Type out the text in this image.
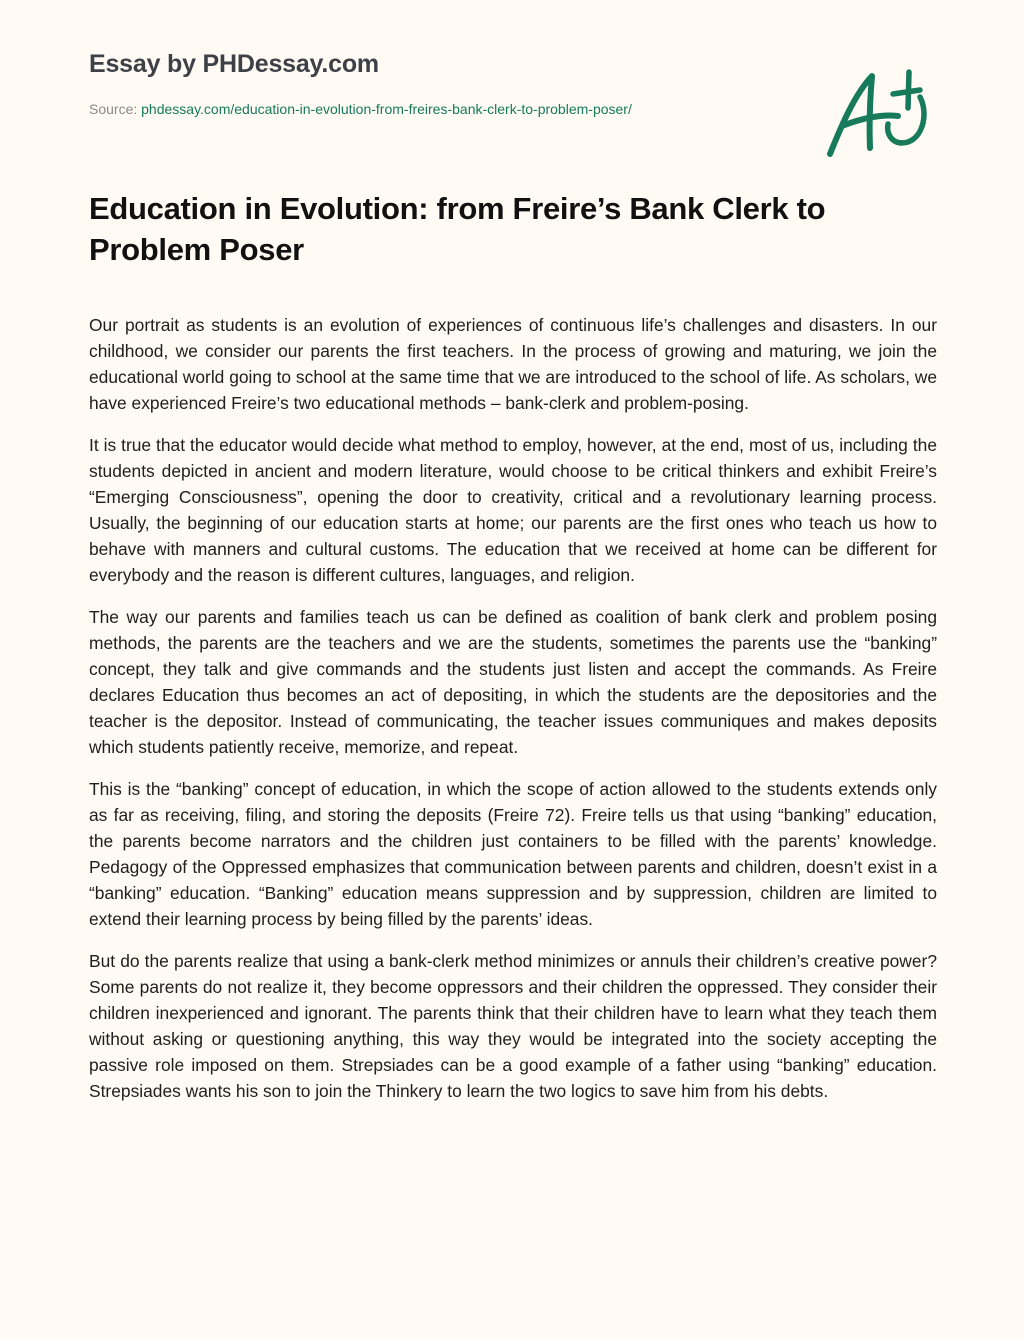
Essay by PHDessay.com
Source: phdessay.com/education-in-evolution-from-freires-bank-clerk-to-problem-poser/
Education in Evolution: from Freire’s Bank Clerk to Problem Poser

Our portrait as students is an evolution of experiences of continuous life’s challenges and disasters. In our childhood, we consider our parents the first teachers. In the process of growing and maturing, we join the educational world going to school at the same time that we are introduced to the school of life. As scholars, we have experienced Freire’s two educational methods – bank-clerk and problem-posing.

It is true that the educator would decide what method to employ, however, at the end, most of us, including the students depicted in ancient and modern literature, would choose to be critical thinkers and exhibit Freire’s “Emerging Consciousness”, opening the door to creativity, critical and a revolutionary learning process. Usually, the beginning of our education starts at home; our parents are the first ones who teach us how to behave with manners and cultural customs. The education that we received at home can be different for everybody and the reason is different cultures, languages, and religion.

The way our parents and families teach us can be defined as coalition of bank clerk and problem posing methods, the parents are the teachers and we are the students, sometimes the parents use the “banking” concept, they talk and give commands and the students just listen and accept the commands. As Freire declares Education thus becomes an act of depositing, in which the students are the depositories and the teacher is the depositor. Instead of communicating, the teacher issues communiques and makes deposits which students patiently receive, memorize, and repeat.

This is the “banking” concept of education, in which the scope of action allowed to the students extends only as far as receiving, filing, and storing the deposits (Freire 72). Freire tells us that using “banking” education, the parents become narrators and the children just containers to be filled with the parents’ knowledge. Pedagogy of the Oppressed emphasizes that communication between parents and children, doesn’t exist in a “banking” education. “Banking” education means suppression and by suppression, children are limited to extend their learning process by being filled by the parents’ ideas.

But do the parents realize that using a bank-clerk method minimizes or annuls their children’s creative power? Some parents do not realize it, they become oppressors and their children the oppressed. They consider their children inexperienced and ignorant. The parents think that their children have to learn what they teach them without asking or questioning anything, this way they would be integrated into the society accepting the passive role imposed on them. Strepsiades can be a good example of a father using “banking” education. Strepsiades wants his son to join the Thinkery to learn the two logics to save him from his debts.
